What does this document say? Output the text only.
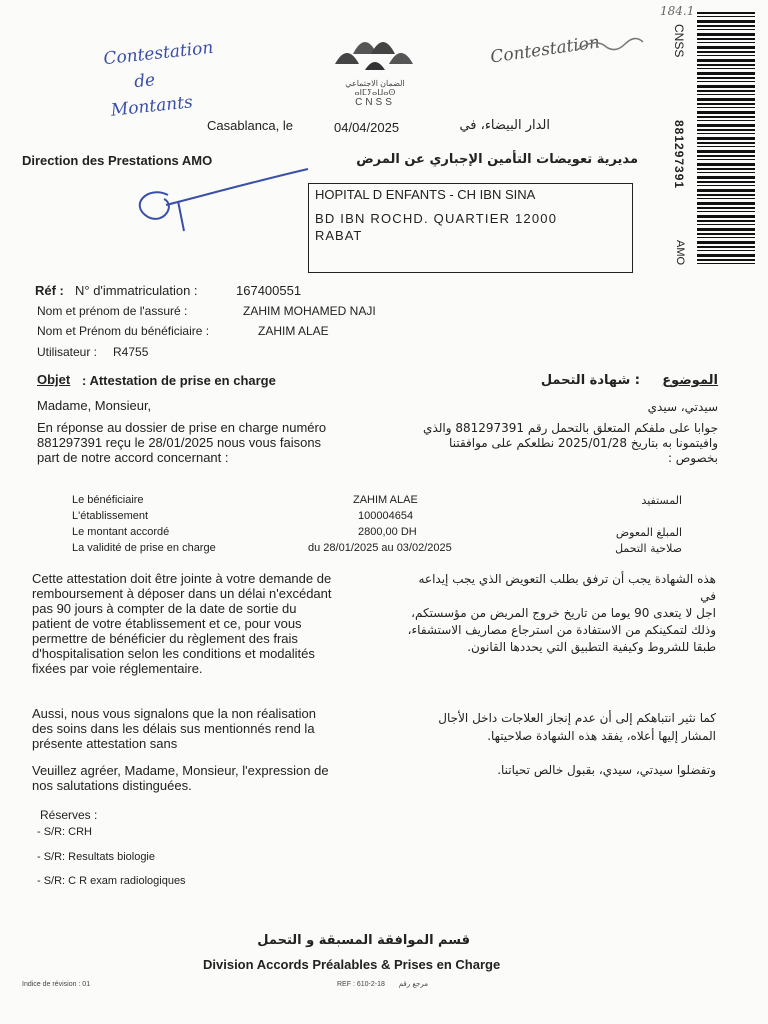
Contestation
de
Montants
Contestation
184.1
الضمان الاجتماعي
ⴰⵏⵎⵢⴰⵡⴰⵙ
CNSS
CNSS
881297391
AMO
Casablanca, le	04/04/2025	الدار البيضاء، في
Direction des Prestations AMO	مديرية تعويضات التأمين الإجباري عن المرض
HOPITAL D ENFANTS - CH IBN SINA
BD IBN ROCHD. QUARTIER 12000
RABAT
Réf : N° d'immatriculation :	167400551
Nom et prénom de l'assuré :	ZAHIM MOHAMED NAJI
Nom et Prénom du bénéficiaire :	ZAHIM ALAE
Utilisateur : R4755
Objet : Attestation de prise en charge	: شهادة التحمل	الموضوع
Madame, Monsieur,	سيدتي، سيدي
En réponse au dossier de prise en charge numéro
881297391 reçu le 28/01/2025 nous vous faisons
part de notre accord concernant :
جوابا على ملفكم المتعلق بالتحمل رقم 881297391 والذي
وافيتمونا به بتاريخ 2025/01/28 نطلعكم على موافقتنا
بخصوص :
Le bénéficiaire	ZAHIM ALAE	المستفيد
L'établissement	100004654
Le montant accordé	2800,00 DH	المبلغ المعوض
La validité de prise en charge	du 28/01/2025 au 03/02/2025	صلاحية التحمل
Cette attestation doit être jointe à votre demande de
remboursement à déposer dans un délai n'excédant
pas 90 jours à compter de la date de sortie du
patient de votre établissement et ce, pour vous
permettre de bénéficier du règlement des frais
d'hospitalisation selon les conditions et modalités
fixées par voie réglementaire.
هذه الشهادة يجب أن ترفق بطلب التعويض الذي يجب إيداعه في
اجل لا يتعدى 90 يوما من تاريخ خروج المريض من مؤسستكم،
وذلك لتمكينكم من الاستفادة من استرجاع مصاريف الاستشفاء،
طبقا للشروط وكيفية التطبيق التي يحددها القانون.
Aussi, nous vous signalons que la non réalisation
des soins dans les délais sus mentionnés rend la
présente attestation sans
كما نثير انتباهكم إلى أن عدم إنجاز العلاجات داخل الأجال
المشار إليها أعلاه، يفقد هذه الشهادة صلاحيتها.
Veuillez agréer, Madame, Monsieur, l'expression de
nos salutations distinguées.
وتفضلوا سيدتي، سيدي، بقبول خالص تحياتنا.
Réserves :
- S/R: CRH
- S/R: Resultats biologie
- S/R: C R exam radiologiques
قسم الموافقة المسبقة و التحمل
Division Accords Préalables & Prises en Charge
Indice de révision : 01	REF : 610-2-18	مرجع رقم
